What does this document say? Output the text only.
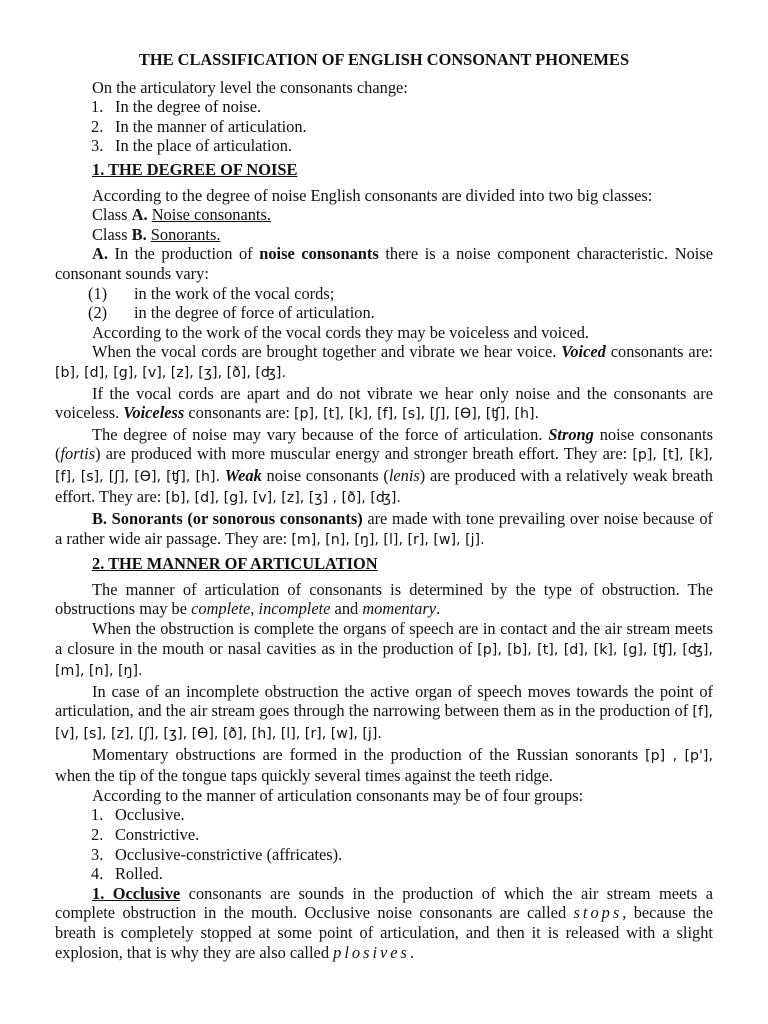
THE CLASSIFICATION OF ENGLISH CONSONANT PHONEMES

On the articulatory level the consonants change:

1. In the degree of noise.

2. In the manner of articulation.

3. In the place of articulation.

1. THE DEGREE OF NOISE

According to the degree of noise English consonants are divided into two big classes:

Class A. Noise consonants.

Class B. Sonorants.

A. In the production of noise consonants there is a noise component characteristic. Noise consonant sounds vary:

(1) in the work of the vocal cords;

(2) in the degree of force of articulation.

According to the work of the vocal cords they may be voiceless and voiced.

When the vocal cords are brought together and vibrate we hear voice. Voiced consonants are: [b], [d], [g], [v], [z], [ʒ], [ð], [ʤ].

If the vocal cords are apart and do not vibrate we hear only noise and the consonants are voiceless. Voiceless consonants are: [p], [t], [k], [f], [s], [ʃ], [Ɵ], [ʧ], [h].

The degree of noise may vary because of the force of articulation. Strong noise consonants (fortis) are produced with more muscular energy and stronger breath effort. They are: [p], [t], [k], [f], [s], [ʃ], [Ɵ], [ʧ], [h]. Weak noise consonants (lenis) are produced with a relatively weak breath effort. They are: [b], [d], [g], [v], [z], [ʒ] , [ð], [ʤ].

B. Sonorants (or sonorous consonants) are made with tone prevailing over noise because of a rather wide air passage. They are: [m], [n], [ŋ], [l], [r], [w], [j].

2. THE MANNER OF ARTICULATION

The manner of articulation of consonants is determined by the type of obstruction. The obstructions may be complete, incomplete and momentary.

When the obstruction is complete the organs of speech are in contact and the air stream meets a closure in the mouth or nasal cavities as in the production of [p], [b], [t], [d], [k], [g], [ʧ], [ʤ], [m], [n], [ŋ].

In case of an incomplete obstruction the active organ of speech moves towards the point of articulation, and the air stream goes through the narrowing between them as in the production of [f], [v], [s], [z], [ʃ], [ʒ], [Ɵ], [ð], [h], [l], [r], [w], [j].

Momentary obstructions are formed in the production of the Russian sonorants [p] , [p'], when the tip of the tongue taps quickly several times against the teeth ridge.

According to the manner of articulation consonants may be of four groups:

1. Occlusive.

2. Constrictive.

3. Occlusive-constrictive (affricates).

4. Rolled.

1. Occlusive consonants are sounds in the production of which the air stream meets a complete obstruction in the mouth. Occlusive noise consonants are called stops, because the breath is completely stopped at some point of articulation, and then it is released with a slight explosion, that is why they are also called plosives.
